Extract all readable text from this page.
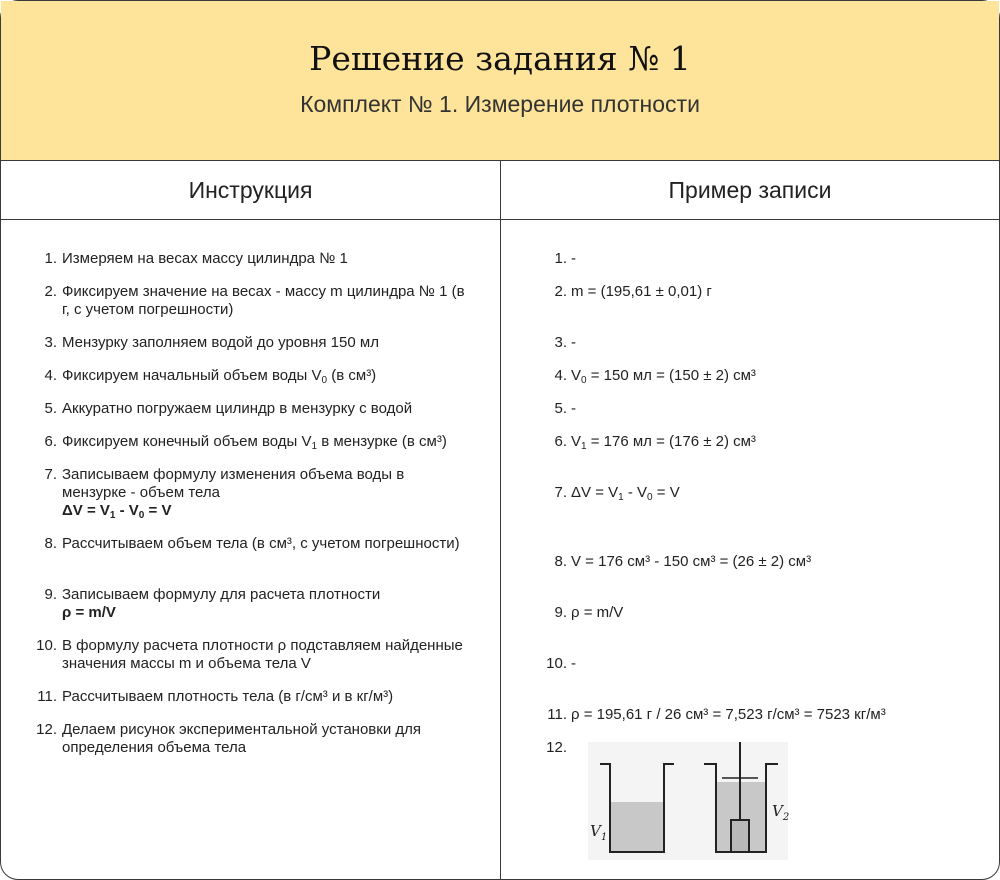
Решение задания № 1
Комплект № 1. Измерение плотности
Инструкция	Пример записи
1. Измеряем на весах массу цилиндра № 1
2. Фиксируем значение на весах - массу m цилиндра № 1 (в г, с учетом погрешности)
3. Мензурку заполняем водой до уровня 150 мл
4. Фиксируем начальный объем воды $V_0$ (в см³)
5. Аккуратно погружаем цилиндр в мензурку с водой
6. Фиксируем конечный объем воды $V_1$ в мензурке (в см³)
7. Записываем формулу изменения объема воды в мензурке - объем тела
$\Delta V = V_1 - V_0 = V$
8. Рассчитываем объем тела (в см³, с учетом погрешности)
9. Записываем формулу для расчета плотности
ρ = m/V
10. В формулу расчета плотности ρ подставляем найденные значения массы m и объема тела V
11. Рассчитываем плотность тела (в г/см³ и в кг/м³)
12. Делаем рисунок экспериментальной установки для определения объема тела
1. -
2. m = (195,61 ± 0,01) г
3. -
4. $V_0 = 150$ мл = (150 ± 2) см³
5. -
6. $V_1 = 176$ мл = (176 ± 2) см³
7. $\Delta V = V_1 - V_0 = V$
8. V = 176 см³ - 150 см³ = (26 ± 2) см³
9. ρ = m/V
10. -
11. ρ = 195,61 г / 26 см³ = 7,523 г/см³ = 7523 кг/м³
12.
$V_1$
$V_2$
